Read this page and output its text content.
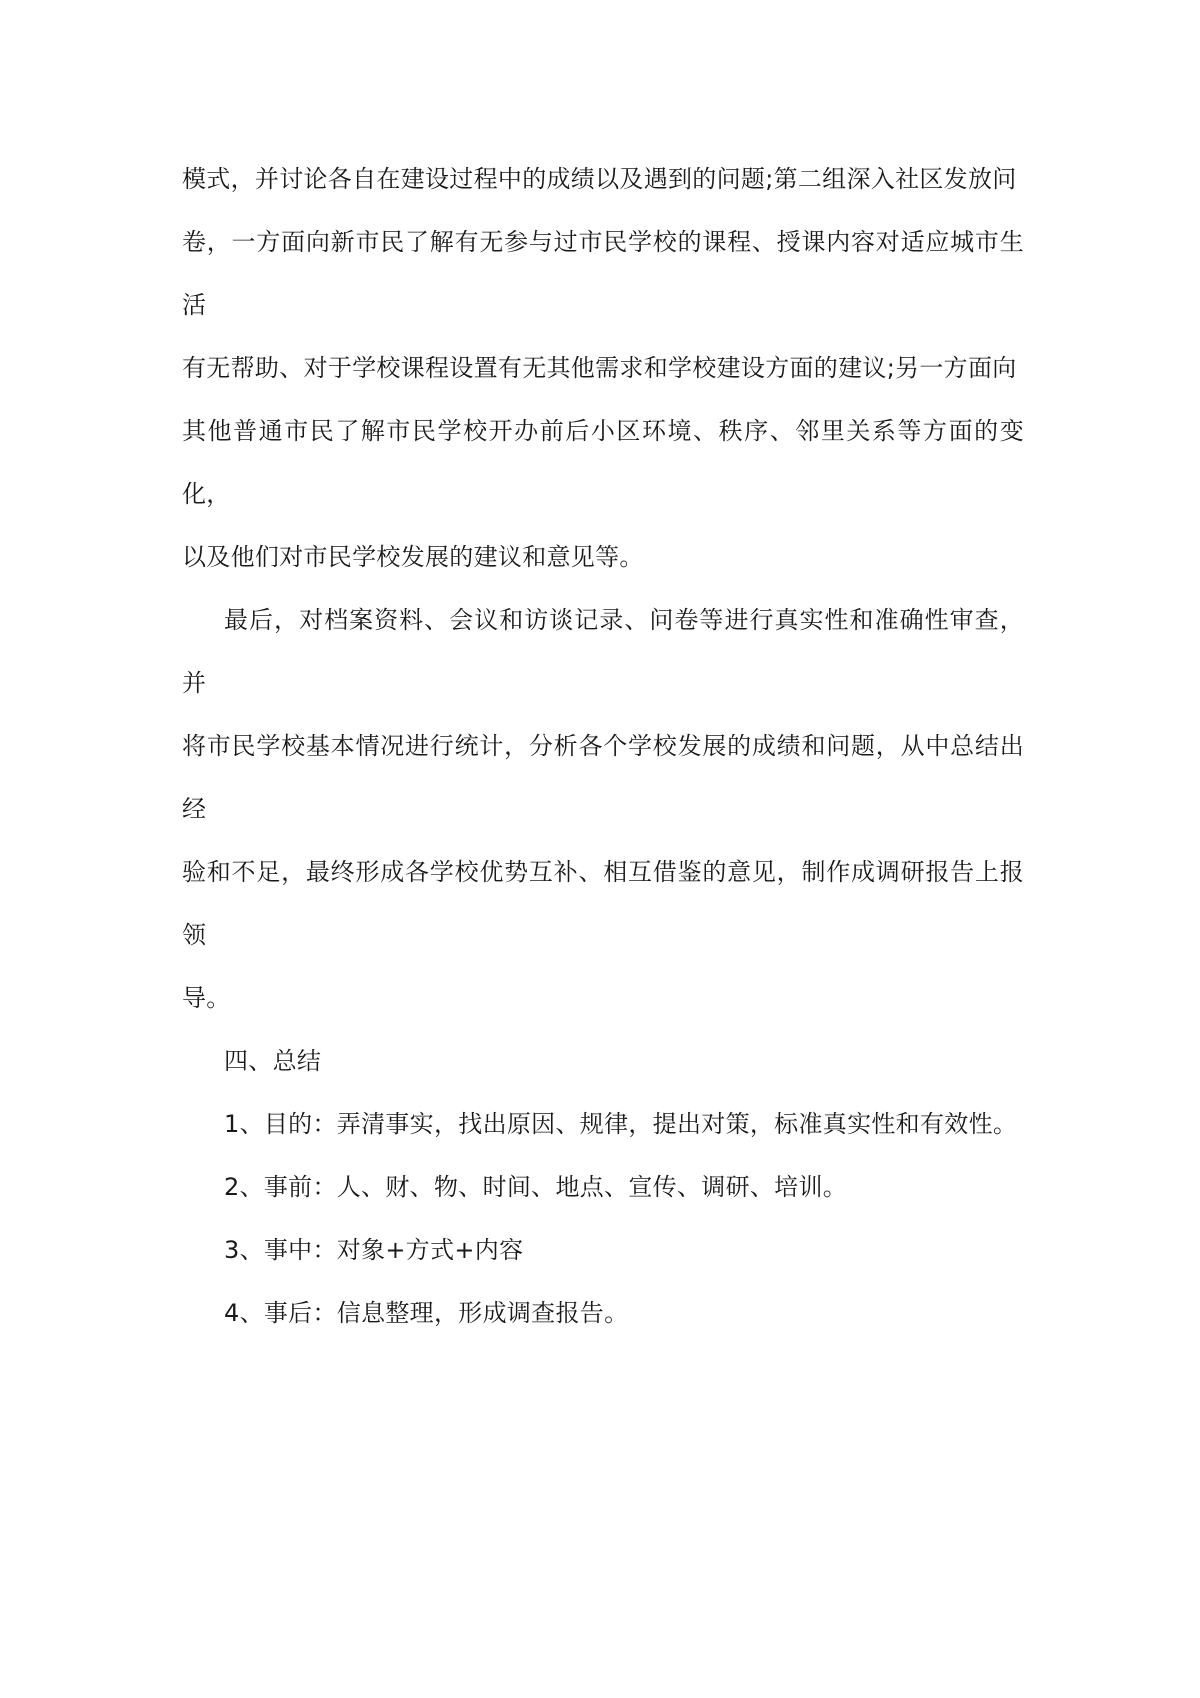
模式，并讨论各自在建设过程中的成绩以及遇到的问题;第二组深入社区发放问
卷，一方面向新市民了解有无参与过市民学校的课程、授课内容对适应城市生活
有无帮助、对于学校课程设置有无其他需求和学校建设方面的建议;另一方面向
其他普通市民了解市民学校开办前后小区环境、秩序、邻里关系等方面的变化，
以及他们对市民学校发展的建议和意见等。

最后，对档案资料、会议和访谈记录、问卷等进行真实性和准确性审查，并
将市民学校基本情况进行统计，分析各个学校发展的成绩和问题，从中总结出经
验和不足，最终形成各学校优势互补、相互借鉴的意见，制作成调研报告上报领
导。

四、总结

1、目的：弄清事实，找出原因、规律，提出对策，标准真实性和有效性。

2、事前：人、财、物、时间、地点、宣传、调研、培训。

3、事中：对象+方式+内容

4、事后：信息整理，形成调查报告。
